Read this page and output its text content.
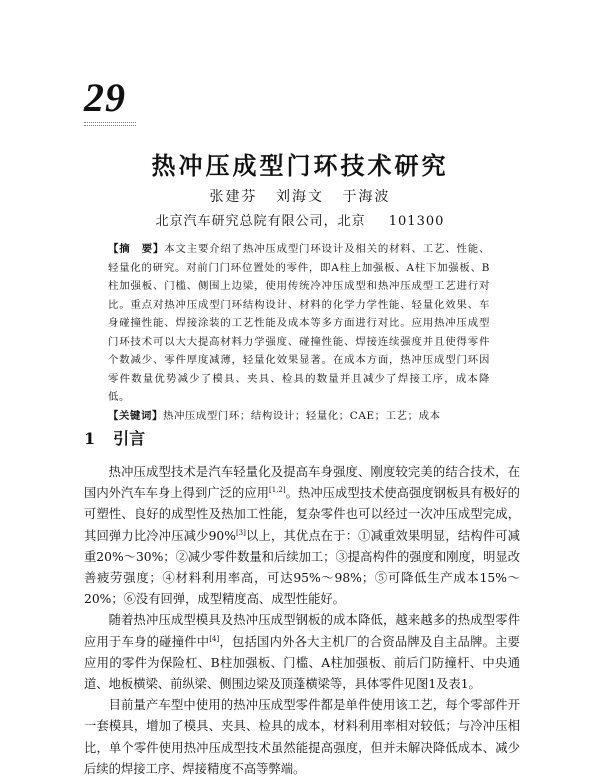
29
热冲压成型门环技术研究
张建芬 刘海文 于海波
北京汽车研究总院有限公司，北京 101300
【摘　要】本文主要介绍了热冲压成型门环设计及相关的材料、工艺、性能、轻量化的研究。对前门门环位置处的零件，即A柱上加强板、A柱下加强板、B柱加强板、门槛、侧围上边梁，使用传统冷冲压成型和热冲压成型工艺进行对比。重点对热冲压成型门环结构设计、材料的化学力学性能、轻量化效果、车身碰撞性能、焊接涂装的工艺性能及成本等多方面进行对比。应用热冲压成型门环技术可以大大提高材料力学强度、碰撞性能、焊接连续强度并且使得零件个数减少、零件厚度减薄，轻量化效果显著。在成本方面，热冲压成型门环因零件数量优势减少了模具、夹具、检具的数量并且减少了焊接工序，成本降低。
【关键词】热冲压成型门环；结构设计；轻量化；CAE；工艺；成本
1 引言

热冲压成型技术是汽车轻量化及提高车身强度、刚度较完美的结合技术，在国内外汽车车身上得到广泛的应用[1,2]。热冲压成型技术使高强度钢板具有极好的可塑性、良好的成型性及热加工性能，复杂零件也可以经过一次冲压成型完成，其回弹力比冷冲压减少90%[3]以上，其优点在于：①减重效果明显，结构件可减重20%～30%；②减少零件数量和后续加工；③提高构件的强度和刚度，明显改善疲劳强度；④材料利用率高，可达95%～98%；⑤可降低生产成本15%～20%；⑥没有回弹，成型精度高、成型性能好。

随着热冲压成型模具及热冲压成型钢板的成本降低，越来越多的热成型零件应用于车身的碰撞件中[4]，包括国内外各大主机厂的合资品牌及自主品牌。主要应用的零件为保险杠、B柱加强板、门槛、A柱加强板、前后门防撞杆、中央通道、地板横梁、前纵梁、侧围边梁及顶蓬横梁等，具体零件见图1及表1。

目前量产车型中使用的热冲压成型零件都是单件使用该工艺，每个零部件开一套模具，增加了模具、夹具、检具的成本，材料利用率相对较低；与冷冲压相比，单个零件使用热冲压成型技术虽然能提高强度，但并未解决降低成本、减少后续的焊接工序、焊接精度不高等弊端。
